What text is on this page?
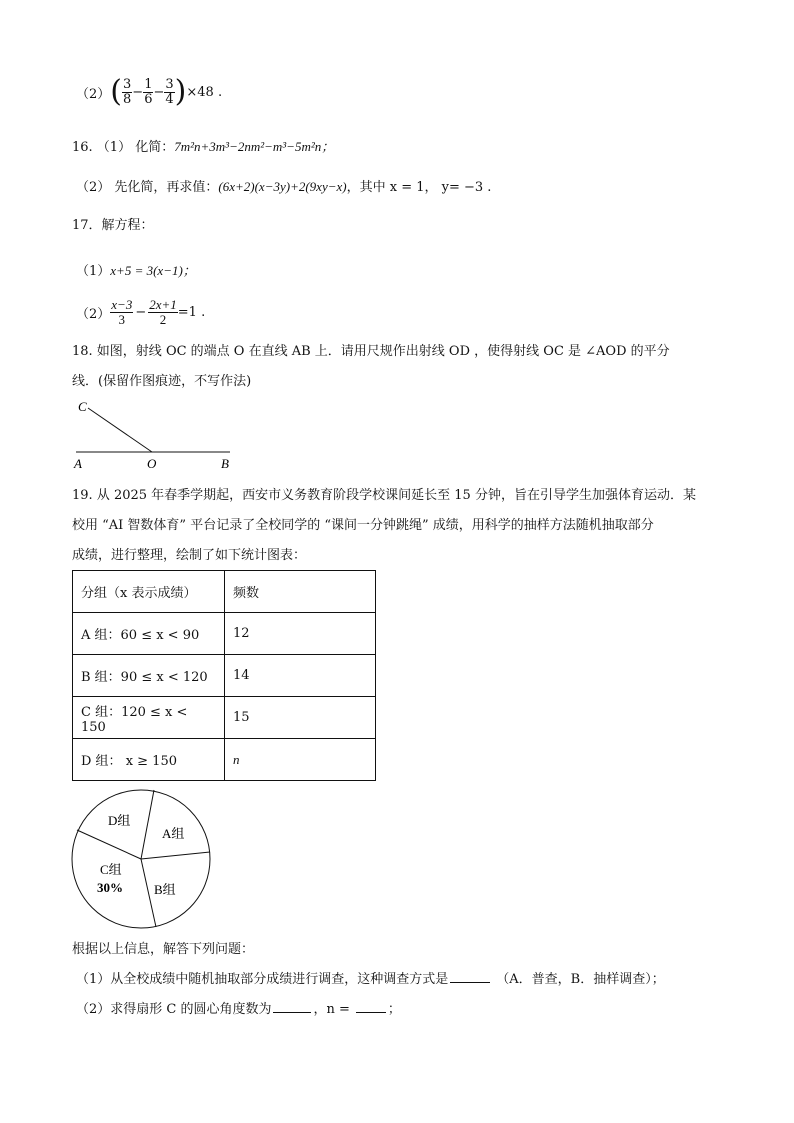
（2） ( $\frac{3}{8} - \frac{1}{6} - \frac{3}{4}$ ) ×48 .
16. （1） 化简：7m²n+3m³−2nm²−m³−5m²n；
（2） 先化简，再求值：(6x+2)(x−3y)+2(9xy−x)，其中 x = 1， y= −3 .
17．解方程：
（1）x+5 = 3(x−1)；
$(2) \frac{x-3}{3} - \frac{2x+1}{2} =1$ .
18. 如图，射线 OC 的端点 O 在直线 AB 上．请用尺规作出射线 OD ，使得射线 OC 是 ∠AOD 的平分
线．(保留作图痕迹，不写作法)
C
A	O	B
19. 从 2025 年春季学期起，西安市义务教育阶段学校课间延长至 15 分钟，旨在引导学生加强体育运动．某
校用 “AI 智数体育” 平台记录了全校同学的 “课间一分钟跳绳” 成绩，用科学的抽样方法随机抽取部分
成绩，进行整理，绘制了如下统计图表：
分组（x 表示成绩）	频数
A 组：60 ≤ x < 90	12
B 组：90 ≤ x < 120	14
C 组：120 ≤ x < 150	15
D 组： x ≥ 150	n
A组
B组
C组
30%
D组
根据以上信息，解答下列问题：
（1）从全校成绩中随机抽取部分成绩进行调查，这种调查方式是	（A．普查，B．抽样调查）；
（2）求得扇形 C 的圆心角度数为	，n =	；
